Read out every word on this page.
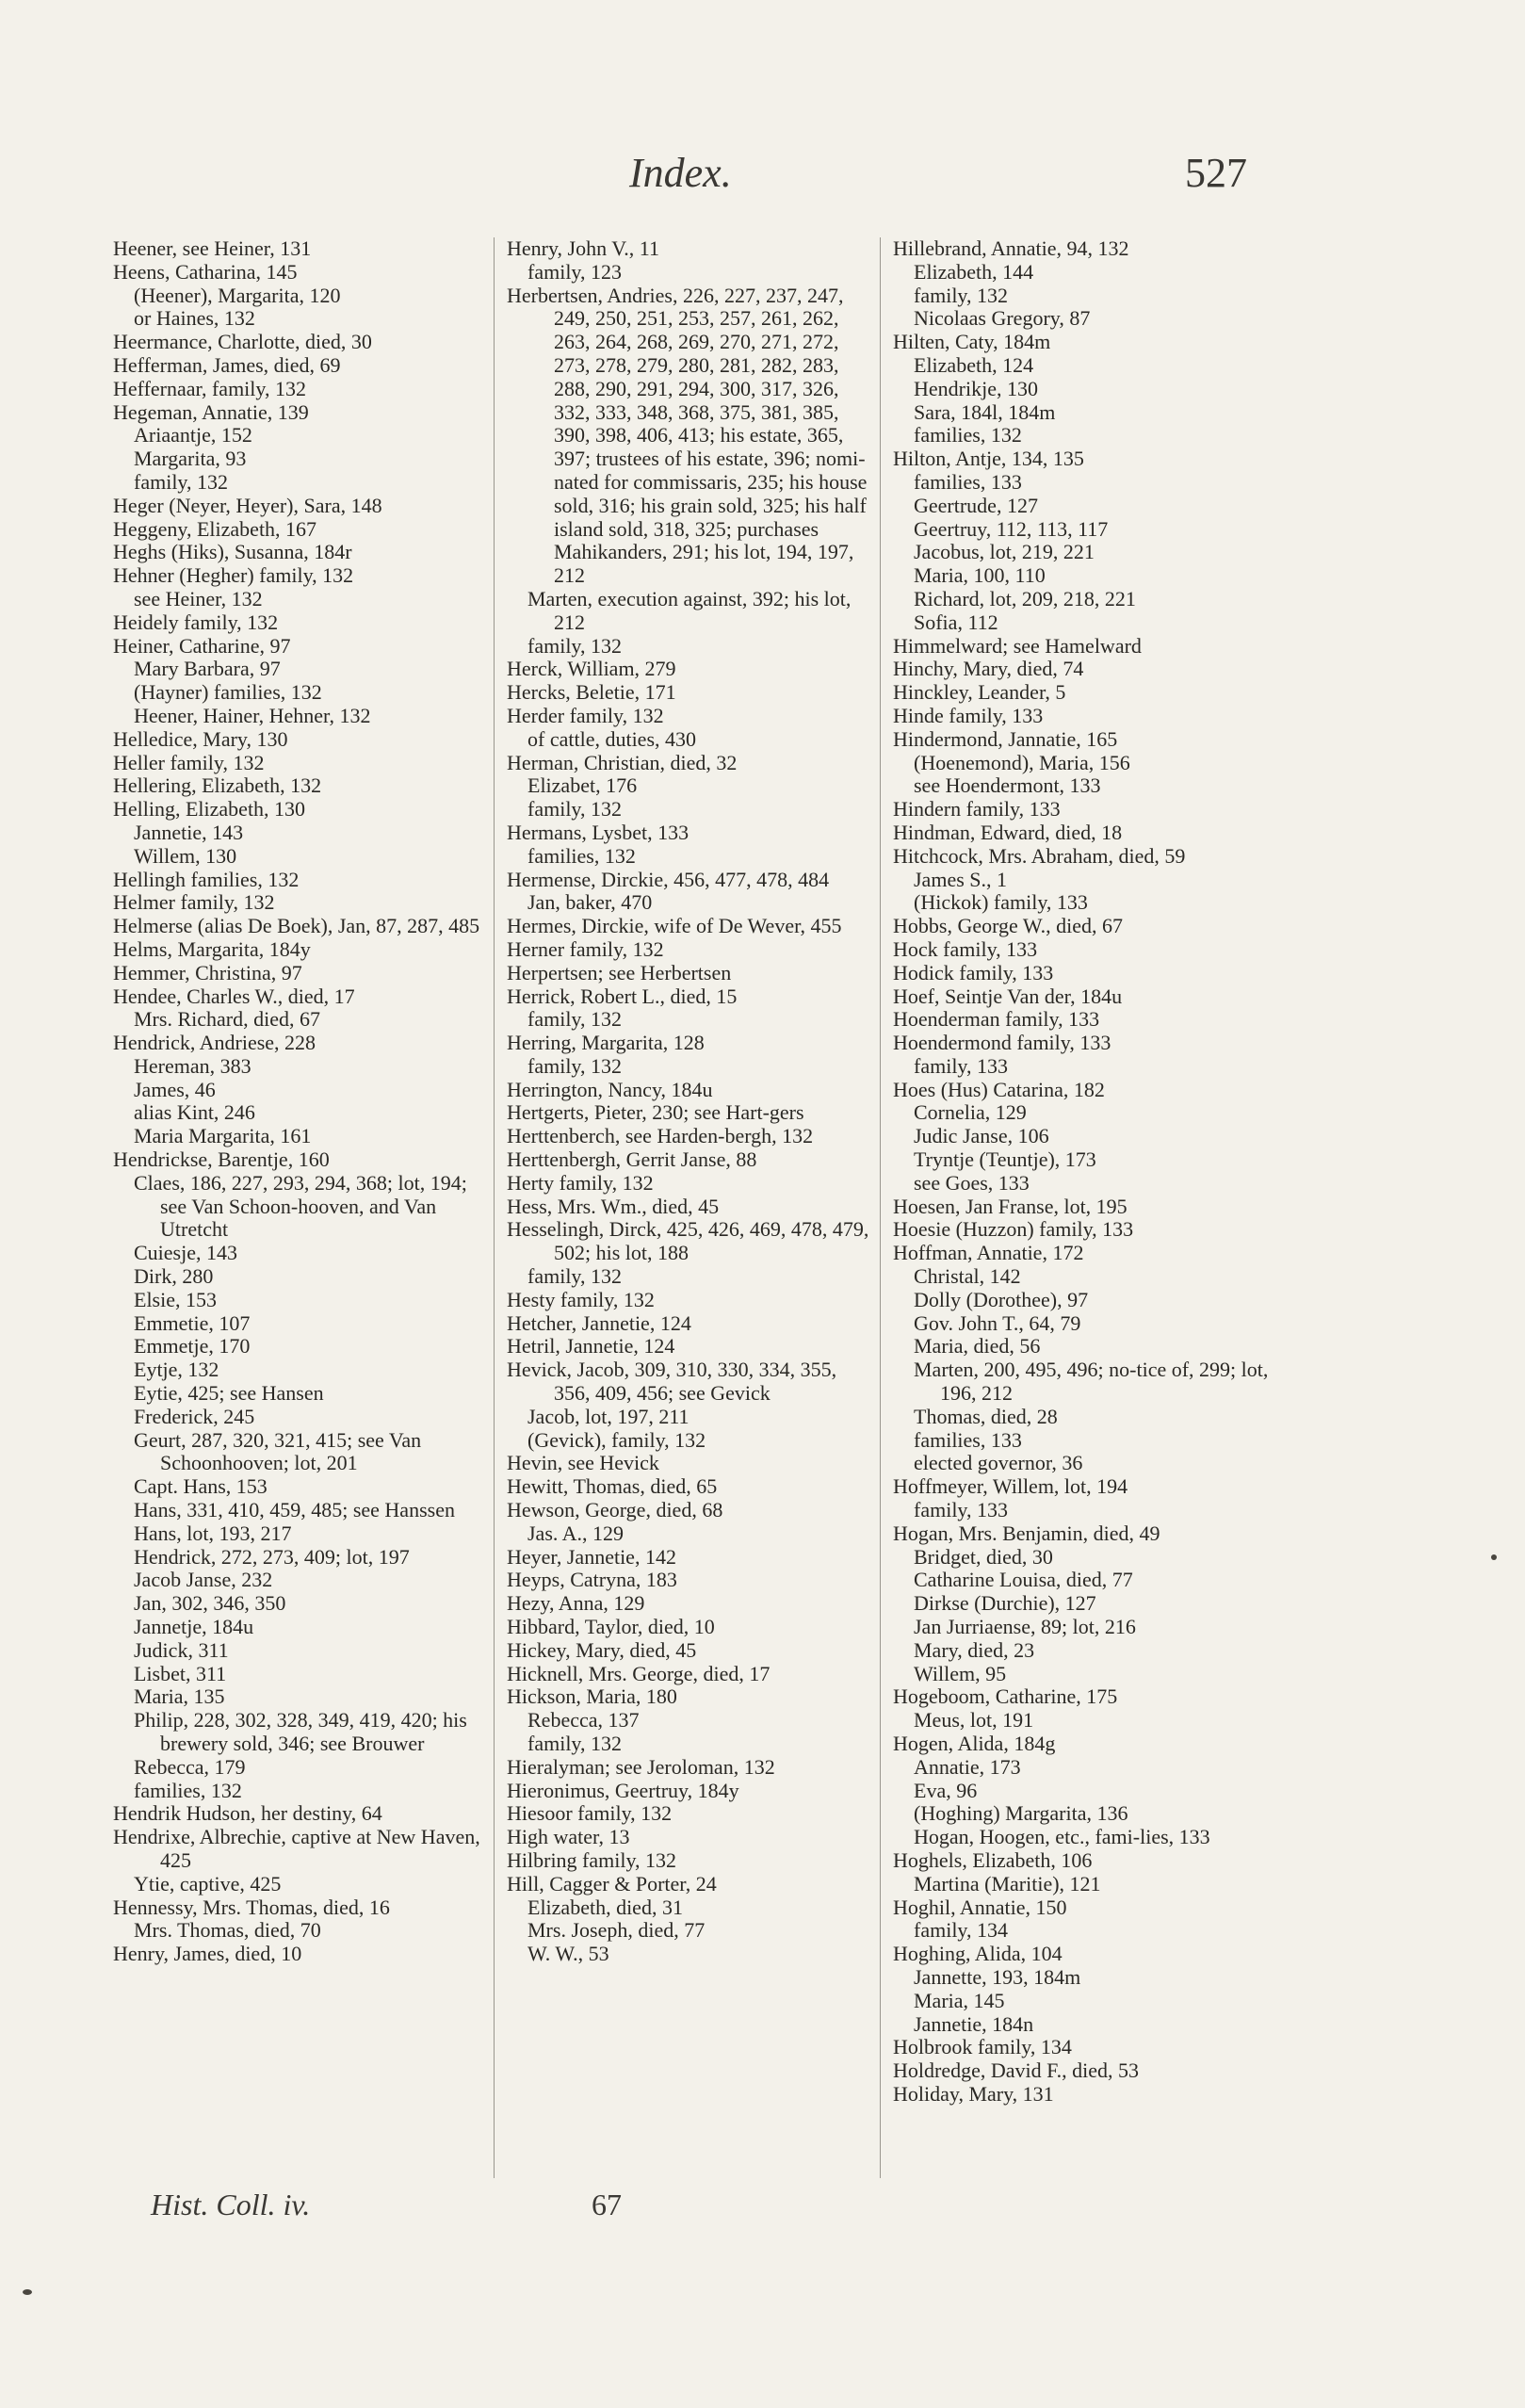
Index.	527
Heener, see Heiner, 131
Heens, Catharina, 145
(Heener), Margarita, 120
or Haines, 132
Heermance, Charlotte, died, 30
Hefferman, James, died, 69
Heffernaar, family, 132
Hegeman, Annatie, 139
Ariaantje, 152
Margarita, 93
family, 132
Heger (Neyer, Heyer), Sara, 148
Heggeny, Elizabeth, 167
Heghs (Hiks), Susanna, 184r
Hehner (Hegher) family, 132
see Heiner, 132
Heidely family, 132
Heiner, Catharine, 97
Mary Barbara, 97
(Hayner) families, 132
Heener, Hainer, Hehner, 132
Helledice, Mary, 130
Heller family, 132
Hellering, Elizabeth, 132
Helling, Elizabeth, 130
Jannetie, 143
Willem, 130
Hellingh families, 132
Helmer family, 132
Helmerse (alias De Boek), Jan, 87, 287, 485
Helms, Margarita, 184y
Hemmer, Christina, 97
Hendee, Charles W., died, 17
Mrs. Richard, died, 67
Hendrick, Andriese, 228
Hereman, 383
James, 46
alias Kint, 246
Maria Margarita, 161
Hendrickse, Barentje, 160
Claes, 186, 227, 293, 294, 368; lot, 194; see Van Schoon-hooven, and Van Utretcht
Cuiesje, 143
Dirk, 280
Elsie, 153
Emmetie, 107
Emmetje, 170
Eytje, 132
Eytie, 425; see Hansen
Frederick, 245
Geurt, 287, 320, 321, 415; see Van Schoonhooven; lot, 201
Capt. Hans, 153
Hans, 331, 410, 459, 485; see Hanssen
Hans, lot, 193, 217
Hendrick, 272, 273, 409; lot, 197
Jacob Janse, 232
Jan, 302, 346, 350
Jannetje, 184u
Judick, 311
Lisbet, 311
Maria, 135
Philip, 228, 302, 328, 349, 419, 420; his brewery sold, 346; see Brouwer
Rebecca, 179
families, 132
Hendrik Hudson, her destiny, 64
Hendrixe, Albrechie, captive at New Haven, 425
Ytie, captive, 425
Hennessy, Mrs. Thomas, died, 16
Mrs. Thomas, died, 70
Henry, James, died, 10
Henry, John V., 11
family, 123
Herbertsen, Andries, 226, 227, 237, 247, 249, 250, 251, 253, 257, 261, 262, 263, 264, 268, 269, 270, 271, 272, 273, 278, 279, 280, 281, 282, 283, 288, 290, 291, 294, 300, 317, 326, 332, 333, 348, 368, 375, 381, 385, 390, 398, 406, 413; his estate, 365, 397; trustees of his estate, 396; nomi-nated for commissaris, 235; his house sold, 316; his grain sold, 325; his half island sold, 318, 325; purchases Mahikanders, 291; his lot, 194, 197, 212
Marten, execution against, 392; his lot, 212
family, 132
Herck, William, 279
Hercks, Beletie, 171
Herder family, 132
of cattle, duties, 430
Herman, Christian, died, 32
Elizabet, 176
family, 132
Hermans, Lysbet, 133
families, 132
Hermense, Dirckie, 456, 477, 478, 484
Jan, baker, 470
Hermes, Dirckie, wife of De Wever, 455
Herner family, 132
Herpertsen; see Herbertsen
Herrick, Robert L., died, 15
family, 132
Herring, Margarita, 128
family, 132
Herrington, Nancy, 184u
Hertgerts, Pieter, 230; see Hart-gers
Herttenberch, see Harden-bergh, 132
Herttenbergh, Gerrit Janse, 88
Herty family, 132
Hess, Mrs. Wm., died, 45
Hesselingh, Dirck, 425, 426, 469, 478, 479, 502; his lot, 188
family, 132
Hesty family, 132
Hetcher, Jannetie, 124
Hetril, Jannetie, 124
Hevick, Jacob, 309, 310, 330, 334, 355, 356, 409, 456; see Gevick
Jacob, lot, 197, 211
(Gevick), family, 132
Hevin, see Hevick
Hewitt, Thomas, died, 65
Hewson, George, died, 68
Jas. A., 129
Heyer, Jannetie, 142
Heyps, Catryna, 183
Hezy, Anna, 129
Hibbard, Taylor, died, 10
Hickey, Mary, died, 45
Hicknell, Mrs. George, died, 17
Hickson, Maria, 180
Rebecca, 137
family, 132
Hieralyman; see Jeroloman, 132
Hieronimus, Geertruy, 184y
Hiesoor family, 132
High water, 13
Hilbring family, 132
Hill, Cagger & Porter, 24
Elizabeth, died, 31
Mrs. Joseph, died, 77
W. W., 53
Hillebrand, Annatie, 94, 132
Elizabeth, 144
family, 132
Nicolaas Gregory, 87
Hilten, Caty, 184m
Elizabeth, 124
Hendrikje, 130
Sara, 184l, 184m
families, 132
Hilton, Antje, 134, 135
families, 133
Geertrude, 127
Geertruy, 112, 113, 117
Jacobus, lot, 219, 221
Maria, 100, 110
Richard, lot, 209, 218, 221
Sofia, 112
Himmelward; see Hamelward
Hinchy, Mary, died, 74
Hinckley, Leander, 5
Hinde family, 133
Hindermond, Jannatie, 165
(Hoenemond), Maria, 156
see Hoendermont, 133
Hindern family, 133
Hindman, Edward, died, 18
Hitchcock, Mrs. Abraham, died, 59
James S., 1
(Hickok) family, 133
Hobbs, George W., died, 67
Hock family, 133
Hodick family, 133
Hoef, Seintje Van der, 184u
Hoenderman family, 133
Hoendermond family, 133
family, 133
Hoes (Hus) Catarina, 182
Cornelia, 129
Judic Janse, 106
Tryntje (Teuntje), 173
see Goes, 133
Hoesen, Jan Franse, lot, 195
Hoesie (Huzzon) family, 133
Hoffman, Annatie, 172
Christal, 142
Dolly (Dorothee), 97
Gov. John T., 64, 79
Maria, died, 56
Marten, 200, 495, 496; no-tice of, 299; lot, 196, 212
Thomas, died, 28
families, 133
elected governor, 36
Hoffmeyer, Willem, lot, 194
family, 133
Hogan, Mrs. Benjamin, died, 49
Bridget, died, 30
Catharine Louisa, died, 77
Dirkse (Durchie), 127
Jan Jurriaense, 89; lot, 216
Mary, died, 23
Willem, 95
Hogeboom, Catharine, 175
Meus, lot, 191
Hogen, Alida, 184g
Annatie, 173
Eva, 96
(Hoghing) Margarita, 136
Hogan, Hoogen, etc., fami-lies, 133
Hoghels, Elizabeth, 106
Martina (Maritie), 121
Hoghil, Annatie, 150
family, 134
Hoghing, Alida, 104
Jannette, 193, 184m
Maria, 145
Jannetie, 184n
Holbrook family, 134
Holdredge, David F., died, 53
Holiday, Mary, 131
Hist. Coll. iv.	67
